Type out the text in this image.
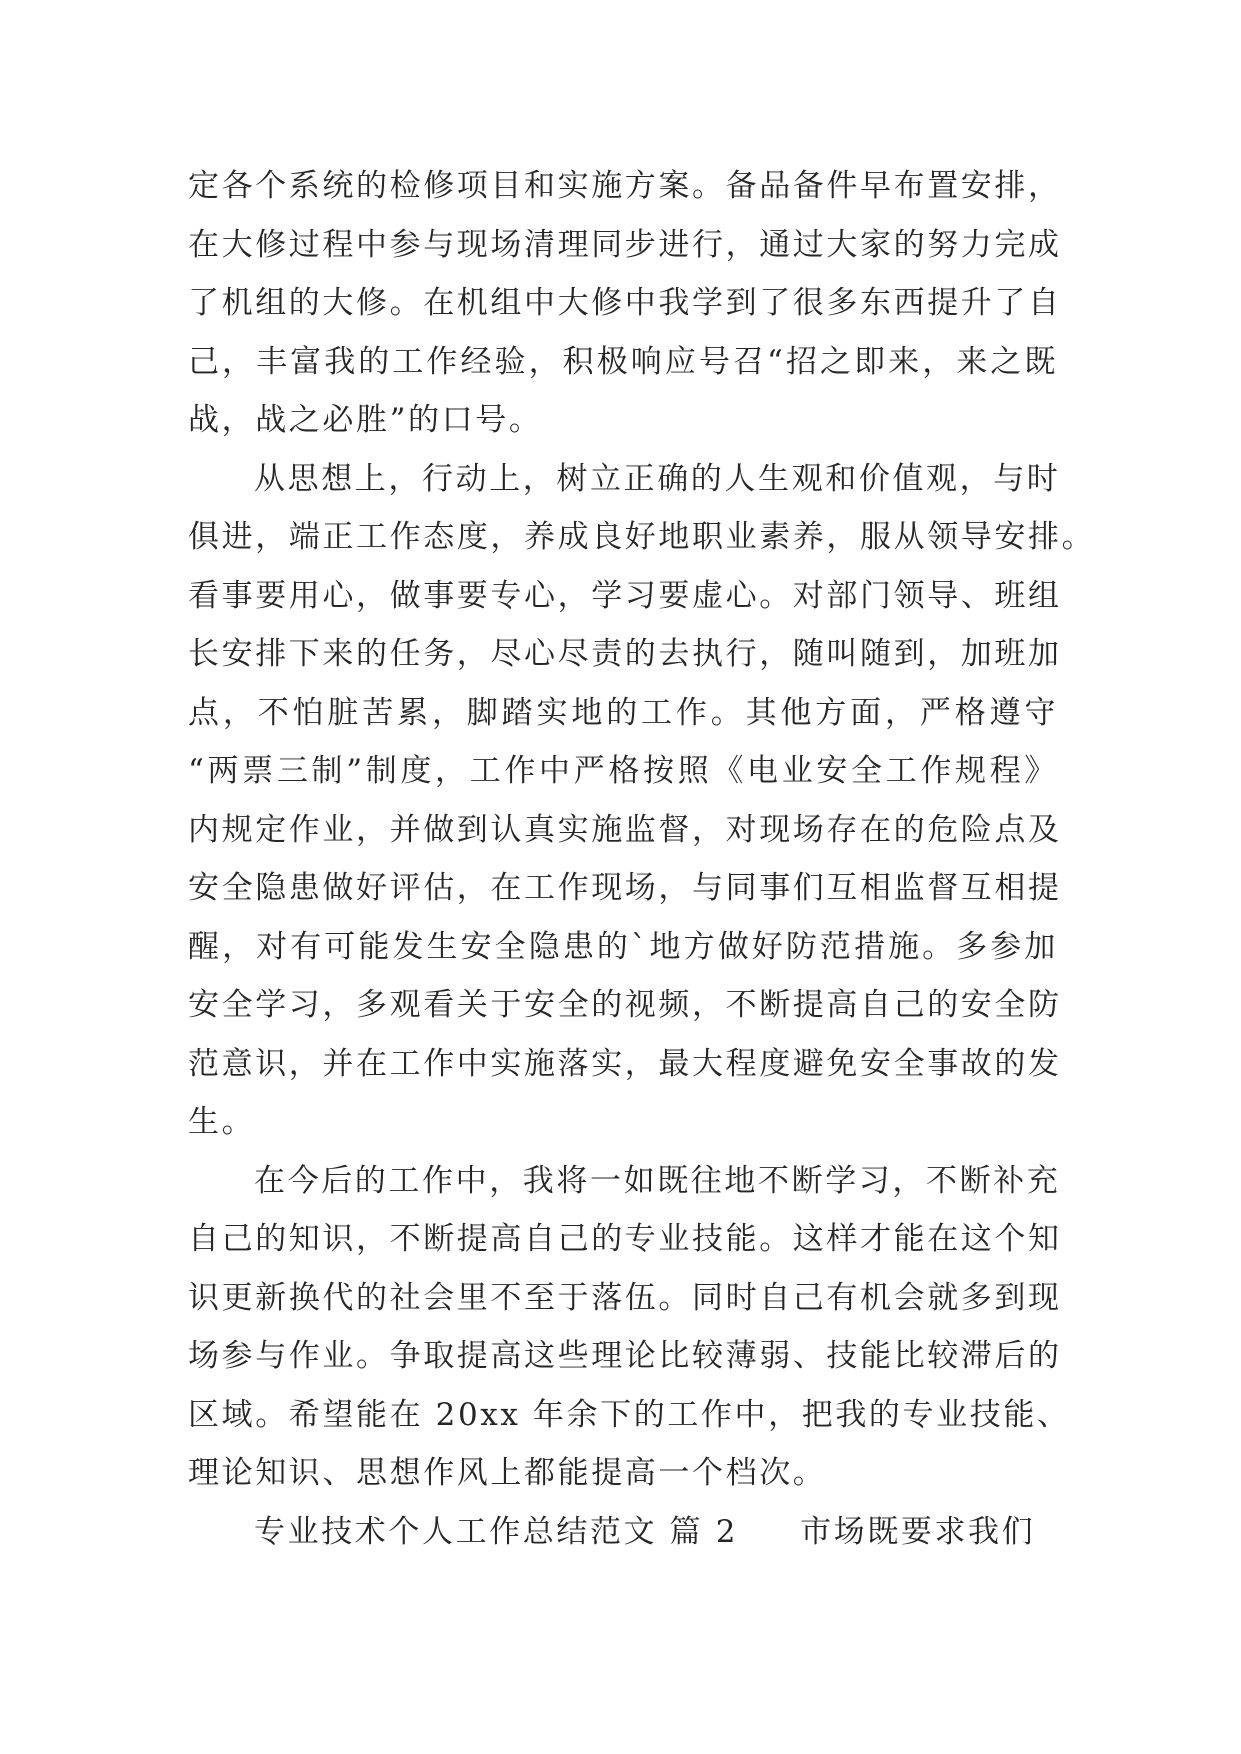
定各个系统的检修项目和实施方案。备品备件早布置安排，
在大修过程中参与现场清理同步进行，通过大家的努力完成
了机组的大修。在机组中大修中我学到了很多东西提升了自
己，丰富我的工作经验，积极响应号召“招之即来，来之既
战，战之必胜”的口号。
从思想上，行动上，树立正确的人生观和价值观，与时
俱进，端正工作态度，养成良好地职业素养，服从领导安排。
看事要用心，做事要专心，学习要虚心。对部门领导、班组
长安排下来的任务，尽心尽责的去执行，随叫随到，加班加
点，不怕脏苦累，脚踏实地的工作。其他方面，严格遵守
“两票三制”制度，工作中严格按照《电业安全工作规程》
内规定作业，并做到认真实施监督，对现场存在的危险点及
安全隐患做好评估，在工作现场，与同事们互相监督互相提
醒，对有可能发生安全隐患的`地方做好防范措施。多参加
安全学习，多观看关于安全的视频，不断提高自己的安全防
范意识，并在工作中实施落实，最大程度避免安全事故的发
生。
在今后的工作中，我将一如既往地不断学习，不断补充
自己的知识，不断提高自己的专业技能。这样才能在这个知
识更新换代的社会里不至于落伍。同时自己有机会就多到现
场参与作业。争取提高这些理论比较薄弱、技能比较滞后的
区域。希望能在 20xx 年余下的工作中，把我的专业技能、
理论知识、思想作风上都能提高一个档次。
专业技术个人工作总结范文 篇 2 市场既要求我们
